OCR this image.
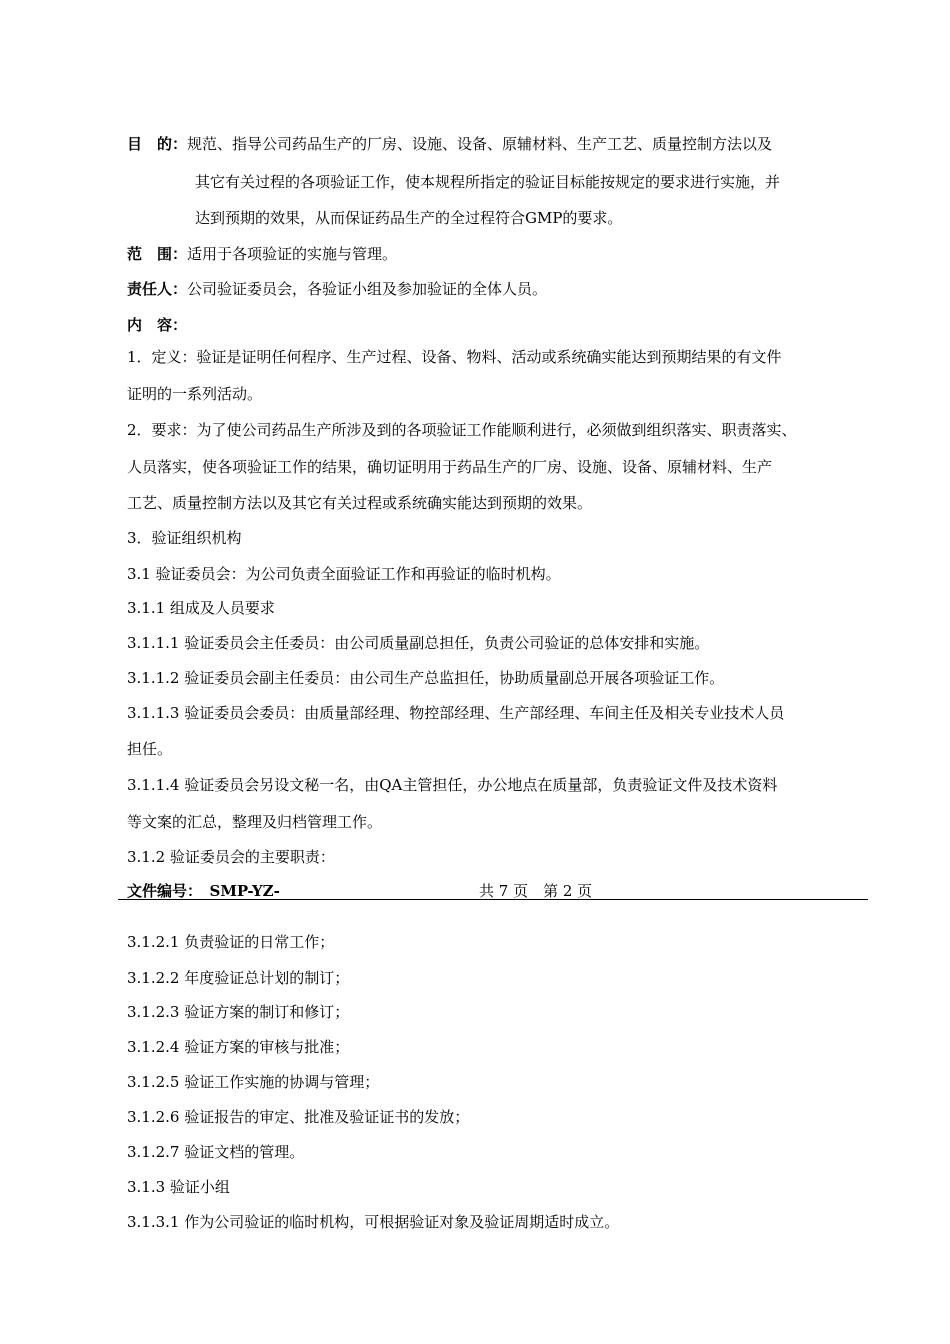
目　的：规范、指导公司药品生产的厂房、设施、设备、原辅材料、生产工艺、质量控制方法以及
其它有关过程的各项验证工作，使本规程所指定的验证目标能按规定的要求进行实施，并
达到预期的效果，从而保证药品生产的全过程符合GMP的要求。
范　围：适用于各项验证的实施与管理。
责任人：公司验证委员会，各验证小组及参加验证的全体人员。
内　容：
1．定义：验证是证明任何程序、生产过程、设备、物料、活动或系统确实能达到预期结果的有文件
证明的一系列活动。
2．要求：为了使公司药品生产所涉及到的各项验证工作能顺利进行，必须做到组织落实、职责落实、
人员落实，使各项验证工作的结果，确切证明用于药品生产的厂房、设施、设备、原辅材料、生产
工艺、质量控制方法以及其它有关过程或系统确实能达到预期的效果。
3．验证组织机构
3.1 验证委员会：为公司负责全面验证工作和再验证的临时机构。
3.1.1 组成及人员要求
3.1.1.1 验证委员会主任委员：由公司质量副总担任，负责公司验证的总体安排和实施。
3.1.1.2 验证委员会副主任委员：由公司生产总监担任，协助质量副总开展各项验证工作。
3.1.1.3 验证委员会委员：由质量部经理、物控部经理、生产部经理、车间主任及相关专业技术人员
担任。
3.1.1.4 验证委员会另设文秘一名，由QA主管担任，办公地点在质量部，负责验证文件及技术资料
等文案的汇总，整理及归档管理工作。
3.1.2 验证委员会的主要职责：
文件编号：　SMP-YZ-	共 7 页　第 2 页
3.1.2.1 负责验证的日常工作；
3.1.2.2 年度验证总计划的制订；
3.1.2.3 验证方案的制订和修订；
3.1.2.4 验证方案的审核与批准；
3.1.2.5 验证工作实施的协调与管理；
3.1.2.6 验证报告的审定、批准及验证证书的发放；
3.1.2.7 验证文档的管理。
3.1.3 验证小组
3.1.3.1 作为公司验证的临时机构，可根据验证对象及验证周期适时成立。
